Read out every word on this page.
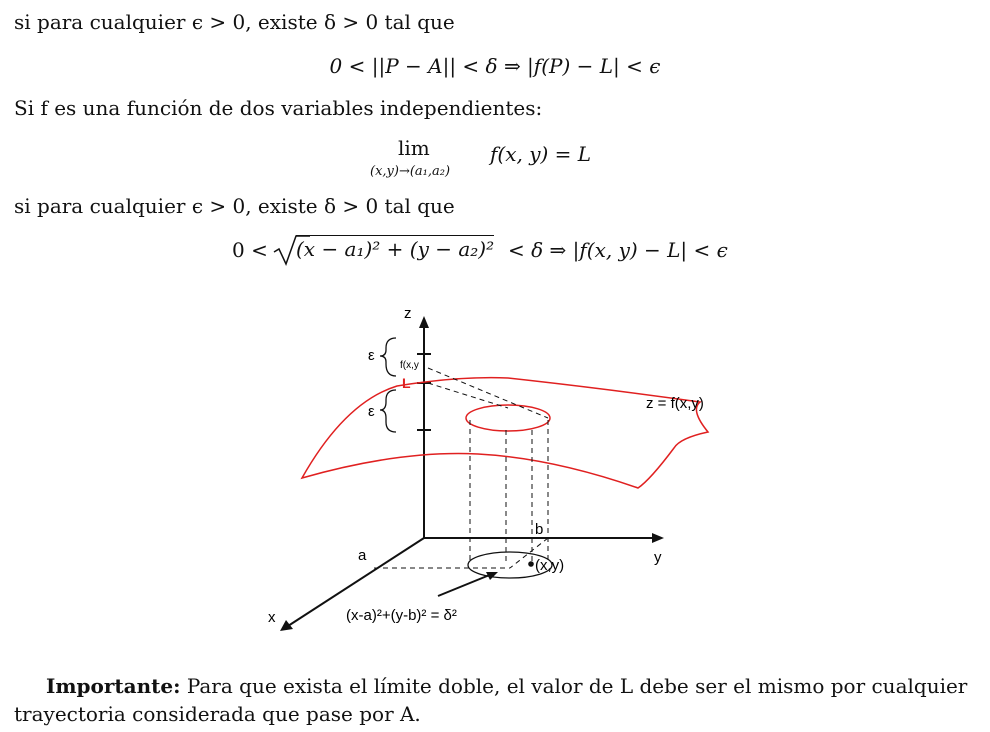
si para cualquier ϵ > 0, existe δ > 0 tal que
0 < ||P − A|| < δ ⇒ |f(P) − L| < ϵ
Si f es una función de dos variables independientes:
lim
(x,y)→(a₁,a₂)
f(x, y) = L
si para cualquier ϵ > 0, existe δ > 0 tal que
0 < (x − a₁)² + (y − a₂)² < δ ⇒ |f(x, y) − L| < ϵ
z
y
x
ε
ε
f(x,y
L
z = f(x,y)
a
b
(x,y)
(x-a)²+(y-b)² = δ²
Importante: Para que exista el límite doble, el valor de L debe ser el mismo por cualquier trayectoria considerada que pase por A.
